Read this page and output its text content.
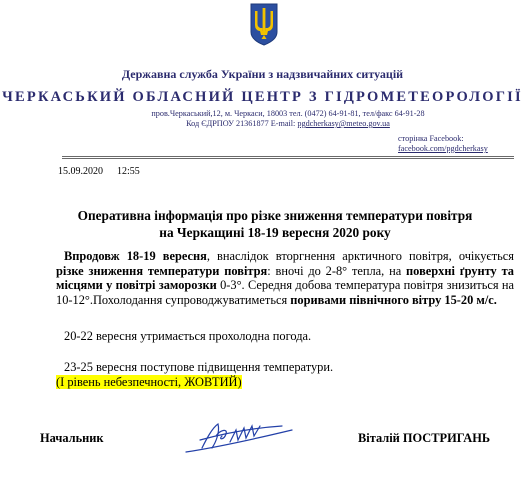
Державна служба України з надзвичайних ситуацій
ЧЕРКАСЬКИЙ ОБЛАСНИЙ ЦЕНТР З ГІДРОМЕТЕОРОЛОГІЇ
пров.Черкаський,12, м. Черкаси, 18003 тел. (0472) 64-91-81, тел/факс 64-91-28
Код ЄДРПОУ 21361877 E-mail: pgdcherkasy@meteo.gov.ua
сторінка Facebook:
facebook.com/pgdcherkasy
15.09.2020 12:55
Оперативна інформація про різке зниження температури повітря
на Черкащині 18-19 вересня 2020 року

Впродовж 18-19 вересня, внаслідок вторгнення арктичного повітря, очікується різке зниження температури повітря: вночі до 2-8° тепла, на поверхні ґрунту та місцями у повітрі заморозки 0-3°. Середня добова температура повітря знизиться на 10-12°.Похолодання супроводжуватиметься поривами північного вітру 15-20 м/с.

20-22 вересня утримається прохолодна погода.
23-25 вересня поступове підвищення температури.
(І рівень небезпечності, ЖОВТИЙ)
Начальник	Віталій ПОСТРИГАНЬ
